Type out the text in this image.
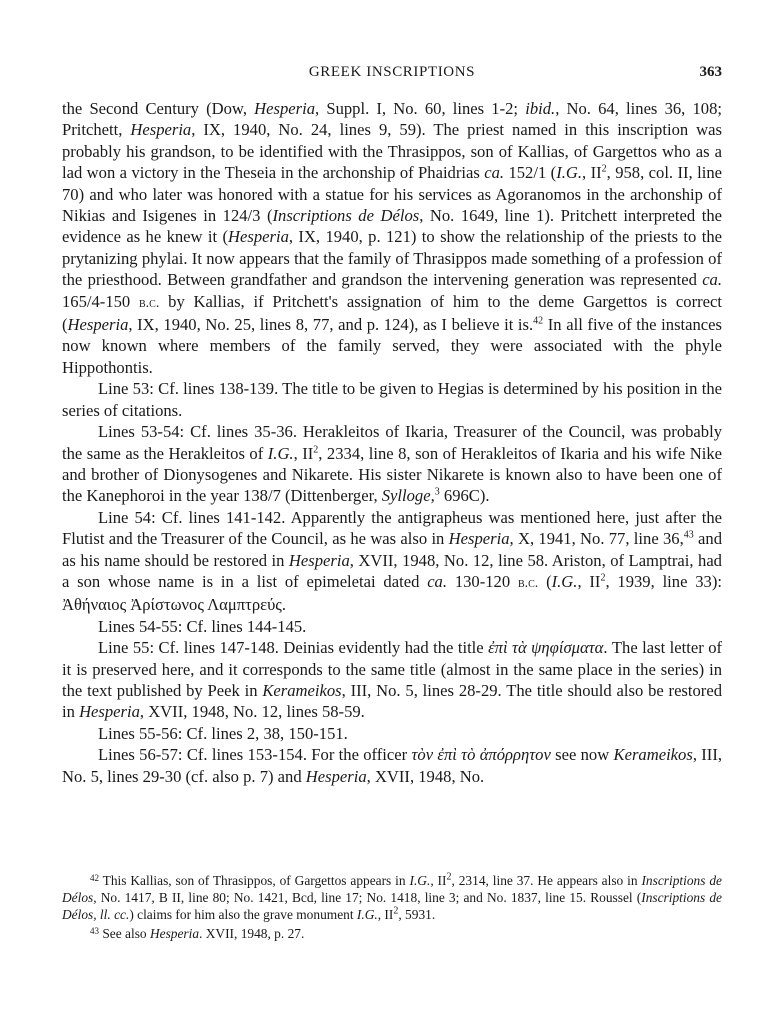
GREEK INSCRIPTIONS	363

the Second Century (Dow, Hesperia, Suppl. I, No. 60, lines 1-2; ibid., No. 64, lines 36, 108; Pritchett, Hesperia, IX, 1940, No. 24, lines 9, 59). The priest named in this inscription was probably his grandson, to be identified with the Thrasippos, son of Kallias, of Gargettos who as a lad won a victory in the Theseia in the archonship of Phaidrias ca. 152/1 (I.G., $II^2$, 958, col. II, line 70) and who later was honored with a statue for his services as Agoranomos in the archonship of Nikias and Isigenes in 124/3 (Inscriptions de Délos, No. 1649, line 1). Pritchett interpreted the evidence as he knew it (Hesperia, IX, 1940, p. 121) to show the relationship of the priests to the prytanizing phylai. It now appears that the family of Thrasippos made something of a profession of the priesthood. Between grandfather and grandson the intervening generation was represented ca. 165/4-150 b.c. by Kallias, if Pritchett's assignation of him to the deme Gargettos is correct (Hesperia, IX, 1940, No. 25, lines 8, 77, and p. 124), as I believe it is.$^{42}$ In all five of the instances now known where members of the family served, they were associated with the phyle Hippothontis.

Line 53: Cf. lines 138-139. The title to be given to Hegias is determined by his position in the series of citations.

Lines 53-54: Cf. lines 35-36. Herakleitos of Ikaria, Treasurer of the Council, was probably the same as the Herakleitos of I.G., $II^2$, 2334, line 8, son of Herakleitos of Ikaria and his wife Nike and brother of Dionysogenes and Nikarete. His sister Nikarete is known also to have been one of the Kanephoroi in the year 138/7 (Dittenberger, Sylloge,$^3$ 696C).

Line 54: Cf. lines 141-142. Apparently the antigrapheus was mentioned here, just after the Flutist and the Treasurer of the Council, as he was also in Hesperia, X, 1941, No. 77, line 36,43 and as his name should be restored in Hesperia, XVII, 1948, No. 12, line 58. Ariston, of Lamptrai, had a son whose name is in a list of epimeletai dated ca. 130-120 b.c. (I.G., $II^2$, 1939, line 33): Ἀθήναιος Ἀρίστωνος Λαμπτρεύς.

Lines 54-55: Cf. lines 144-145.

Line 55: Cf. lines 147-148. Deinias evidently had the title ἐπὶ τὰ ψηφίσματα. The last letter of it is preserved here, and it corresponds to the same title (almost in the same place in the series) in the text published by Peek in Kerameikos, III, No. 5, lines 28-29. The title should also be restored in Hesperia, XVII, 1948, No. 12, lines 58-59.

Lines 55-56: Cf. lines 2, 38, 150-151.

Lines 56-57: Cf. lines 153-154. For the officer τὸν ἐπὶ τὸ ἀπόρρητον see now Kerameikos, III, No. 5, lines 29-30 (cf. also p. 7) and Hesperia, XVII, 1948, No.

$^{42}$ This Kallias, son of Thrasippos, of Gargettos appears in I.G., $II^2$, 2314, line 37. He appears also in Inscriptions de Délos, No. 1417, B II, line 80; No. 1421, Bcd, line 17; No. 1418, line 3; and No. 1837, line 15. Roussel (Inscriptions de Délos, ll. cc.) claims for him also the grave monument I.G., $II^2$, 5931.

$^{43}$ See also Hesperia. XVII, 1948, p. 27.
